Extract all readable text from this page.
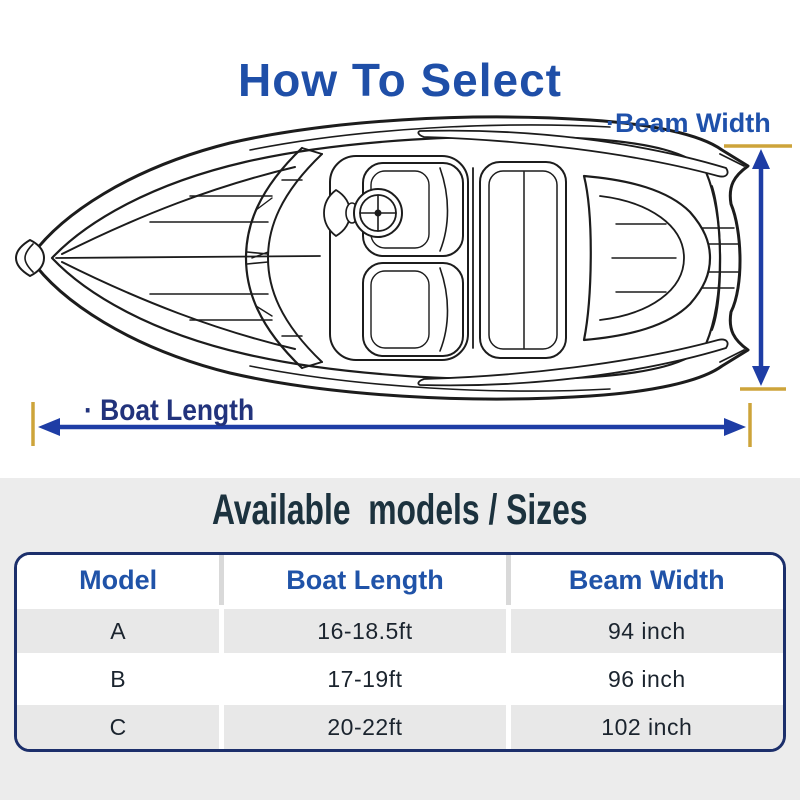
How To Select
·Beam Width
· Boat Length
Available  models / Sizes
Model	Boat Length	Beam Width
A	16-18.5ft	94 inch
B	17-19ft	96 inch
C	20-22ft	102 inch
